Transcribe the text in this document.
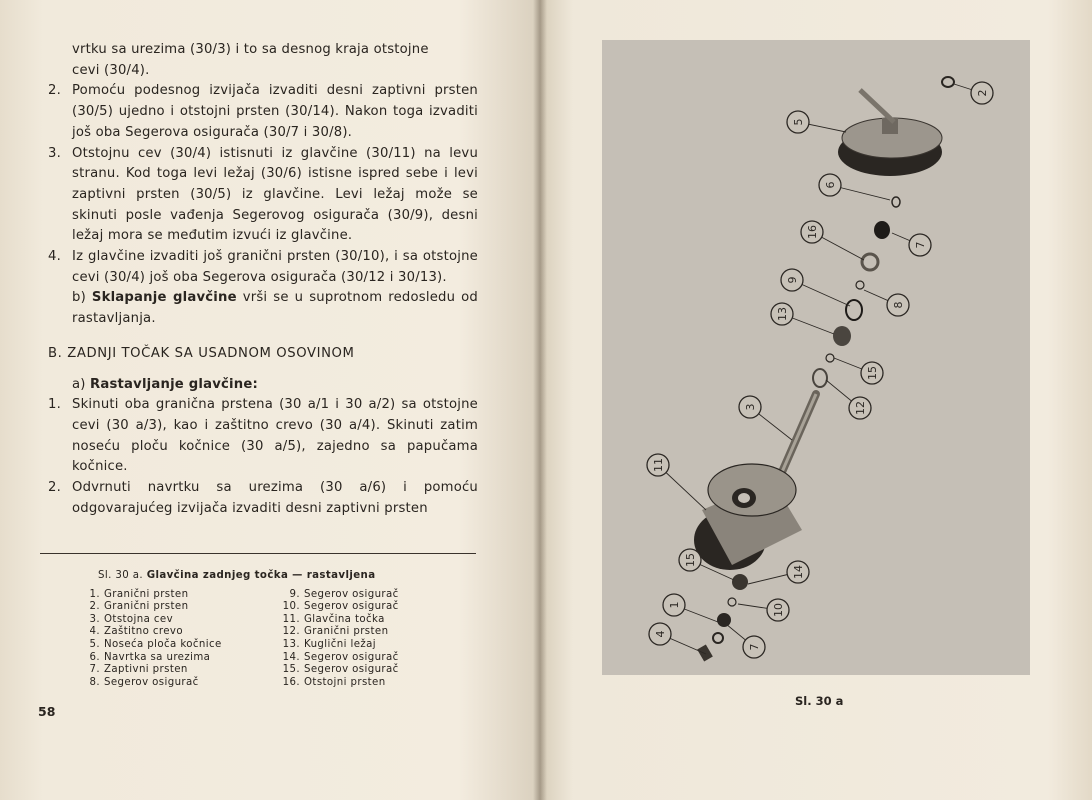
vrtku sa urezima (30/3) i to sa desnog kraja otstojne
cevi (30/4).
2. Pomoću podesnog izvijača izvaditi desni zaptivni prsten (30/5) ujedno i otstojni prsten (30/14). Nakon toga izvaditi još oba Segerova osigurača (30/7 i 30/8).
3. Otstojnu cev (30/4) istisnuti iz glavčine (30/11) na levu stranu. Kod toga levi ležaj (30/6) istisne ispred sebe i levi zaptivni prsten (30/5) iz glavčine. Levi ležaj može se skinuti posle vađenja Segerovog osigurača (30/9), desni ležaj mora se međutim izvući iz glavčine.
4. Iz glavčine izvaditi još granični prsten (30/10), i sa otstojne cevi (30/4) još oba Segerova osigurača (30/12 i 30/13).
b) Sklapanje glavčine vrši se u suprotnom redosledu od rastavljanja.
B. ZADNJI TOČAK SA USADNOM OSOVINOM
a) Rastavljanje glavčine:
1. Skinuti oba granična prstena (30 a/1 i 30 a/2) sa otstojne cevi (30 a/3), kao i zaštitno crevo (30 a/4). Skinuti zatim noseću ploču kočnice (30 a/5), zajedno sa papučama kočnice.
2. Odvrnuti navrtku sa urezima (30 a/6) i pomoću odgovarajućeg izvijača izvaditi desni zaptivni prsten
Sl. 30 a. Glavčina zadnjeg točka — rastavljena
1. Granični prsten
2. Granični prsten
3. Otstojna cev
4. Zaštitno crevo
5. Noseća ploča kočnice
6. Navrtka sa urezima
7. Zaptivni prsten
8. Segerov osigurač
9. Segerov osigurač
10. Segerov osigurač
11. Glavčina točka
12. Granični prsten
13. Kuglični ležaj
14. Segerov osigurač
15. Segerov osigurač
16. Otstojni prsten
58
2
5
6
16
7
9
8
13
15
12
3
11
15
14
1	10
4
7

Sl. 30 a
